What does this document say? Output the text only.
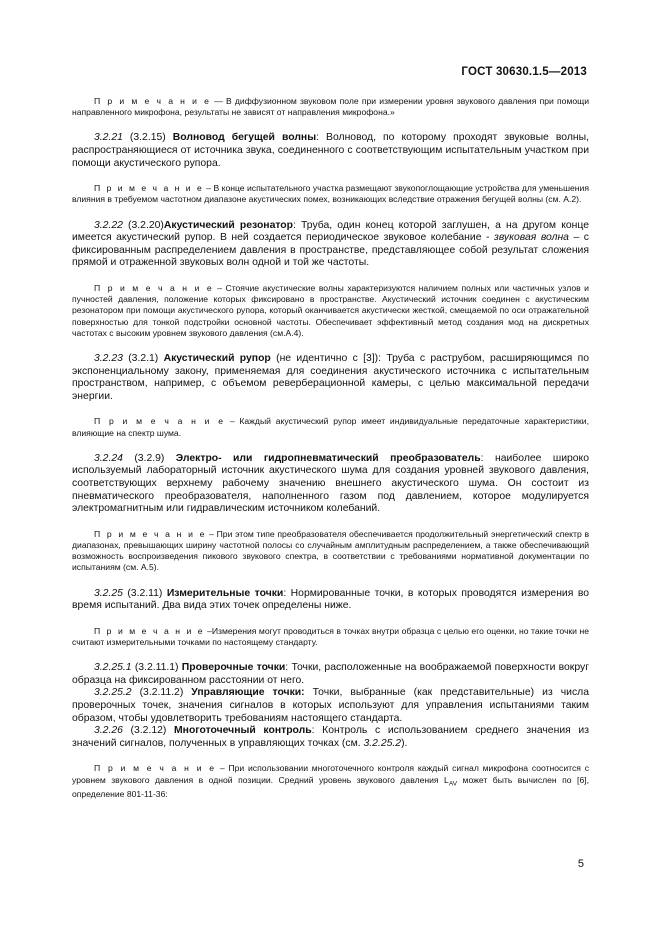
ГОСТ 30630.1.5—2013

П р и м е ч а н и е — В диффузионном звуковом поле при измерении уровня звукового давления при помощи направленного микрофона, результаты не зависят от направления микрофона.»

3.2.21 (3.2.15) Волновод бегущей волны: Волновод, по которому проходят звуковые волны, распространяющиеся от источника звука, соединенного с соответствующим испытательным участком при помощи акустического рупора.

П р и м е ч а н и е – В конце испытательного участка размещают звукопоглощающие устройства для уменьшения влияния в требуемом частотном диапазоне акустических помех, возникающих вследствие отражения бегущей волны (см. А.2).

3.2.22 (3.2.20)Акустический резонатор: Труба, один конец которой заглушен, а на другом конце имеется акустический рупор. В ней создается периодическое звуковое колебание - звуковая волна – с фиксированным распределением давления в пространстве, представляющее собой результат сложения прямой и отраженной звуковых волн одной и той же частоты.

П р и м е ч а н и е – Стоячие акустические волны характеризуются наличием полных или частичных узлов и пучностей давления, положение которых фиксировано в пространстве. Акустический источник соединен с акустическим резонатором при помощи акустического рупора, который оканчивается акустически жесткой, смещаемой по оси отражательной поверхностью для тонкой подстройки основной частоты. Обеспечивает эффективный метод создания мод на дискретных частотах с высоким уровнем звукового давления (см.А.4).

3.2.23 (3.2.1) Акустический рупор (не идентично с [3]): Труба с раструбом, расширяющимся по экспоненциальному закону, применяемая для соединения акустического источника с испытательным пространством, например, с объемом реверберационной камеры, с целью максимальной передачи энергии.

П р и м е ч а н и е – Каждый акустический рупор имеет индивидуальные передаточные характеристики, влияющие на спектр шума.

3.2.24 (3.2.9) Электро- или гидропневматический преобразователь: наиболее широко используемый лабораторный источник акустического шума для создания уровней звукового давления, соответствующих верхнему рабочему значению внешнего акустического шума. Он состоит из пневматического преобразователя, наполненного газом под давлением, которое модулируется электромагнитным или гидравлическим источником колебаний.

П р и м е ч а н и е – При этом типе преобразователя обеспечивается продолжительный энергетический спектр в диапазонах, превышающих ширину частотной полосы со случайным амплитудным распределением, а также обеспечивающий возможность воспроизведения пикового звукового спектра, в соответствии с требованиями нормативной документации по испытаниям (см. А.5).

3.2.25 (3.2.11) Измерительные точки: Нормированные точки, в которых проводятся измерения во время испытаний. Два вида этих точек определены ниже.

П р и м е ч а н и е –Измерения могут проводиться в точках внутри образца с целью его оценки, но такие точки не считают измерительными точками по настоящему стандарту.

3.2.25.1 (3.2.11.1) Проверочные точки: Точки, расположенные на воображаемой поверхности вокруг образца на фиксированном расстоянии от него.

3.2.25.2 (3.2.11.2) Управляющие точки: Точки, выбранные (как представительные) из числа проверочных точек, значения сигналов в которых используют для управления испытаниями таким образом, чтобы удовлетворить требованиям настоящего стандарта.

3.2.26 (3.2.12) Многоточечный контроль: Контроль с использованием среднего значения из значений сигналов, полученных в управляющих точках (см. 3.2.25.2).

П р и м е ч а н и е – При использовании многоточечного контроля каждый сигнал микрофона соотносится с уровнем звукового давления в одной позиции. Средний уровень звукового давления $L_{AV}$ может быть вычислен по [6], определение 801-11-36:

5
